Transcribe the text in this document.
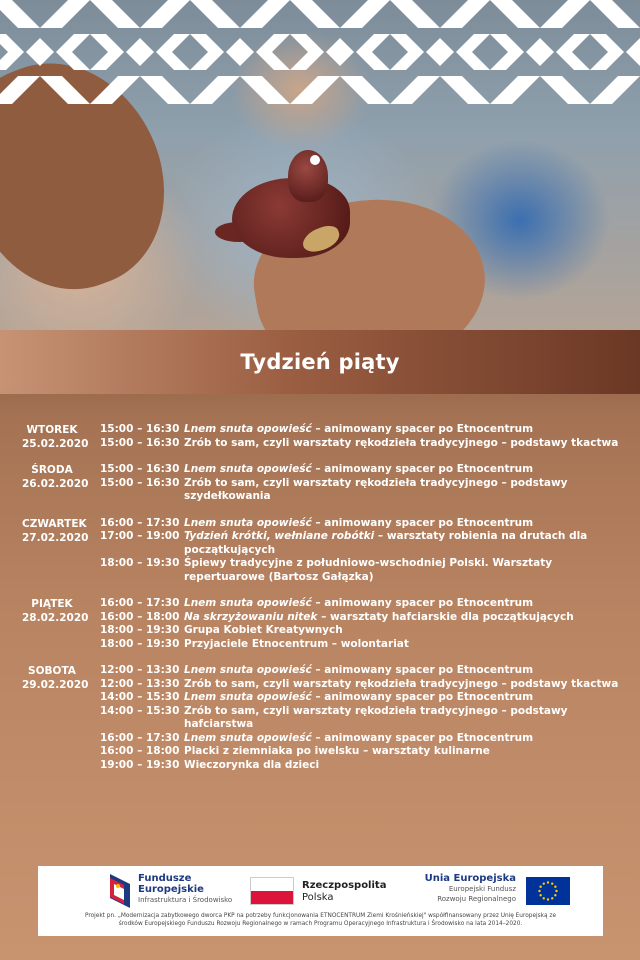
Tydzień piąty
WTOREK
25.02.2020
15:00 – 16:30 Lnem snuta opowieść – animowany spacer po Etnocentrum
15:00 – 16:30 Zrób to sam, czyli warsztaty rękodzieła tradycyjnego – podstawy tkactwa
ŚRODA
26.02.2020
15:00 – 16:30 Lnem snuta opowieść – animowany spacer po Etnocentrum
15:00 – 16:30 Zrób to sam, czyli warsztaty rękodzieła tradycyjnego – podstawy szydełkowania
CZWARTEK
27.02.2020
16:00 – 17:30 Lnem snuta opowieść – animowany spacer po Etnocentrum
17:00 – 19:00 Tydzień krótki, wełniane robótki – warsztaty robienia na drutach dla początkujących
18:00 – 19:30 Śpiewy tradycyjne z południowo-wschodniej Polski. Warsztaty repertuarowe (Bartosz Gałązka)
PIĄTEK
28.02.2020
16:00 – 17:30 Lnem snuta opowieść – animowany spacer po Etnocentrum
16:00 – 18:00 Na skrzyżowaniu nitek – warsztaty hafciarskie dla początkujących
18:00 – 19:30 Grupa Kobiet Kreatywnych
18:00 – 19:30 Przyjaciele Etnocentrum – wolontariat
SOBOTA
29.02.2020
12:00 – 13:30 Lnem snuta opowieść – animowany spacer po Etnocentrum
12:00 – 13:30 Zrób to sam, czyli warsztaty rękodzieła tradycyjnego – podstawy tkactwa
14:00 – 15:30 Lnem snuta opowieść – animowany spacer po Etnocentrum
14:00 – 15:30 Zrób to sam, czyli warsztaty rękodzieła tradycyjnego – podstawy hafciarstwa
16:00 – 17:30 Lnem snuta opowieść – animowany spacer po Etnocentrum
16:00 – 18:00 Placki z ziemniaka po iwelsku – warsztaty kulinarne
19:00 – 19:30 Wieczorynka dla dzieci
Fundusze
Europejskie
Infrastruktura i Środowisko
Rzeczpospolita
Polska
Unia Europejska
Europejski Fundusz
Rozwoju Regionalnego
Projekt pn. „Modernizacja zabytkowego dworca PKP na potrzeby funkcjonowania ETNOCENTRUM Ziemi Krośnieńskiej" współfinansowany przez Unię Europejską ze środków Europejskiego Funduszu Rozwoju Regionalnego w ramach Programu Operacyjnego Infrastruktura i Środowisko na lata 2014–2020.
